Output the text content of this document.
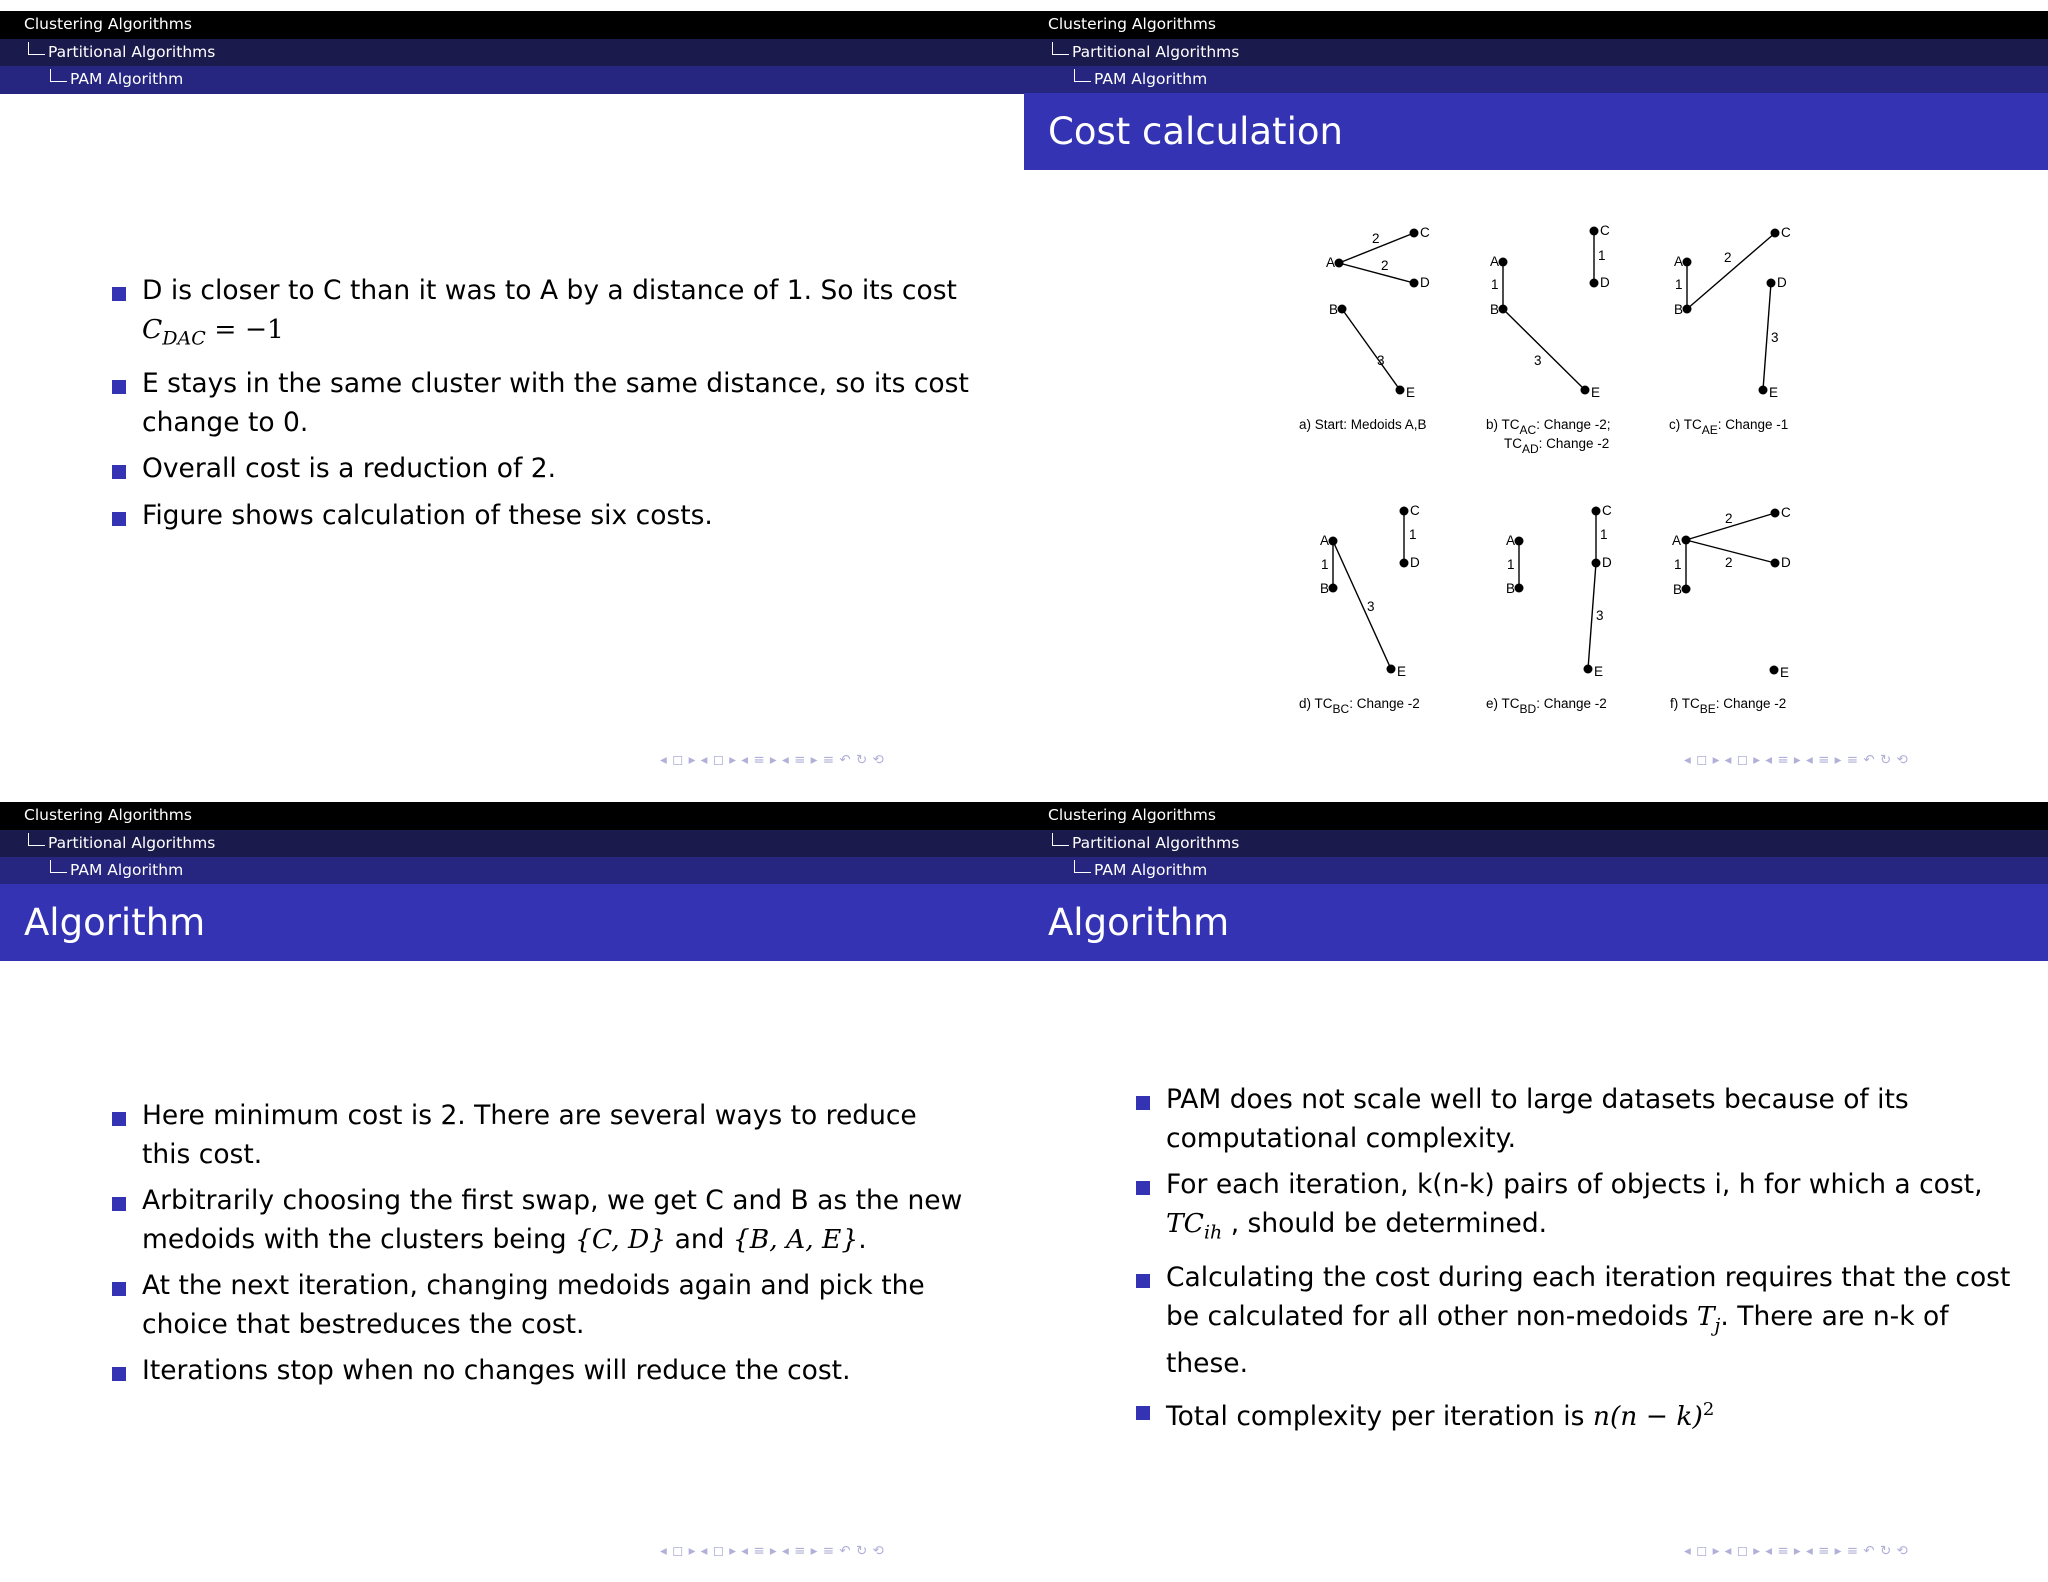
Clustering Algorithms
Partitional Algorithms
PAM Algorithm
D is closer to C than it was to A by a distance of 1. So its cost
$C_{DAC} = -1$
E stays in the same cluster with the same distance, so its cost change to 0.
Overall cost is a reduction of 2.
Figure shows calculation of these six costs.
◂ ◻ ▸ ◂ ◻ ▸ ◂ ≡ ▸ ◂ ≡ ▸ ≡ ↶ ↻ ⟲
Clustering Algorithms
Partitional Algorithms
PAM Algorithm
Cost calculation
A
B
C
D
E
2
2
3
A
B
C
D
E
1
1
3
A
B
C
D
E
1
2
3
A
B
C
D
E
1
1
3
A
B
C
D
E
1
1
3
A
B
C
D
E
1
2
2
a) Start: Medoids A,B	b) TCAC: Change -2;
TCAD: Change -2
c) TCAE: Change -1
d) TCBC: Change -2	e) TCBD: Change -2	f) TCBE: Change -2
◂ ◻ ▸ ◂ ◻ ▸ ◂ ≡ ▸ ◂ ≡ ▸ ≡ ↶ ↻ ⟲
Clustering Algorithms
Partitional Algorithms
PAM Algorithm
Algorithm
Here minimum cost is 2. There are several ways to reduce this cost.
Arbitrarily choosing the first swap, we get C and B as the new medoids with the clusters being {C, D} and {B, A, E}.
At the next iteration, changing medoids again and pick the choice that bestreduces the cost.
Iterations stop when no changes will reduce the cost.
◂ ◻ ▸ ◂ ◻ ▸ ◂ ≡ ▸ ◂ ≡ ▸ ≡ ↶ ↻ ⟲
Clustering Algorithms
Partitional Algorithms
PAM Algorithm
Algorithm
PAM does not scale well to large datasets because of its computational complexity.
For each iteration, k(n-k) pairs of objects i, h for which a cost, $TC_{ih}$ , should be determined.
Calculating the cost during each iteration requires that the cost be calculated for all other non-medoids $T_j$. There are n-k of these.
Total complexity per iteration is $n(n - k)^2$
◂ ◻ ▸ ◂ ◻ ▸ ◂ ≡ ▸ ◂ ≡ ▸ ≡ ↶ ↻ ⟲
